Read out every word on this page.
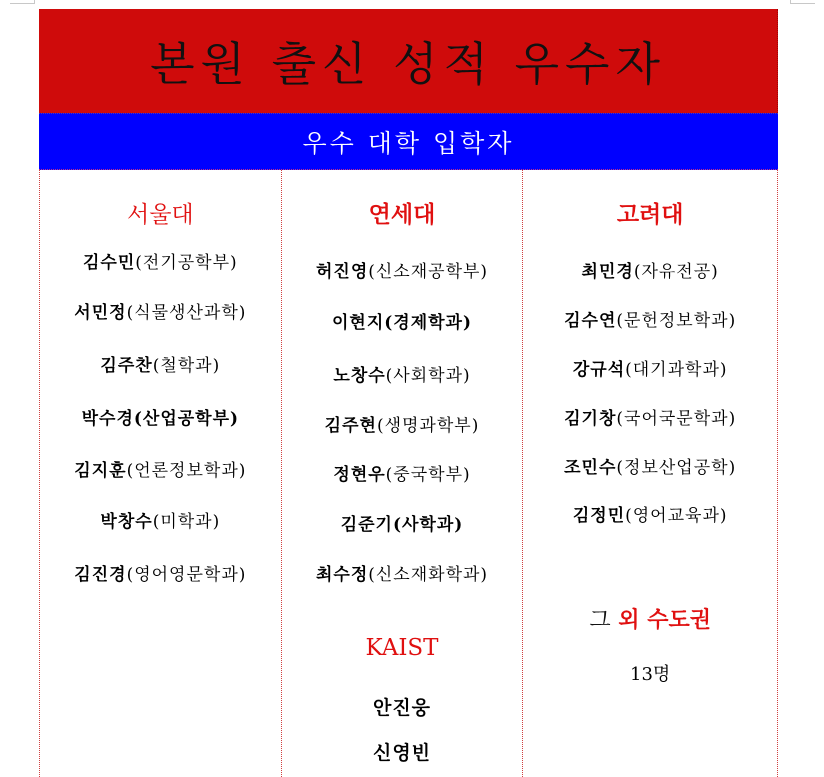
본원 출신 성적 우수자
우수 대학 입학자
서울대
김수민(전기공학부)
서민정(식물생산과학)
김주찬(철학과)
박수경(산업공학부)
김지훈(언론정보학과)
박창수(미학과)
김진경(영어영문학과)
연세대
허진영(신소재공학부)
이현지(경제학과)
노창수(사회학과)
김주현(생명과학부)
정현우(중국학부)
김준기(사학과)
최수정(신소재화학과)
KAIST
안진웅
신영빈
고려대
최민경(자유전공)
김수연(문헌정보학과)
강규석(대기과학과)
김기창(국어국문학과)
조민수(정보산업공학)
김정민(영어교육과)
그 외 수도권
13명
